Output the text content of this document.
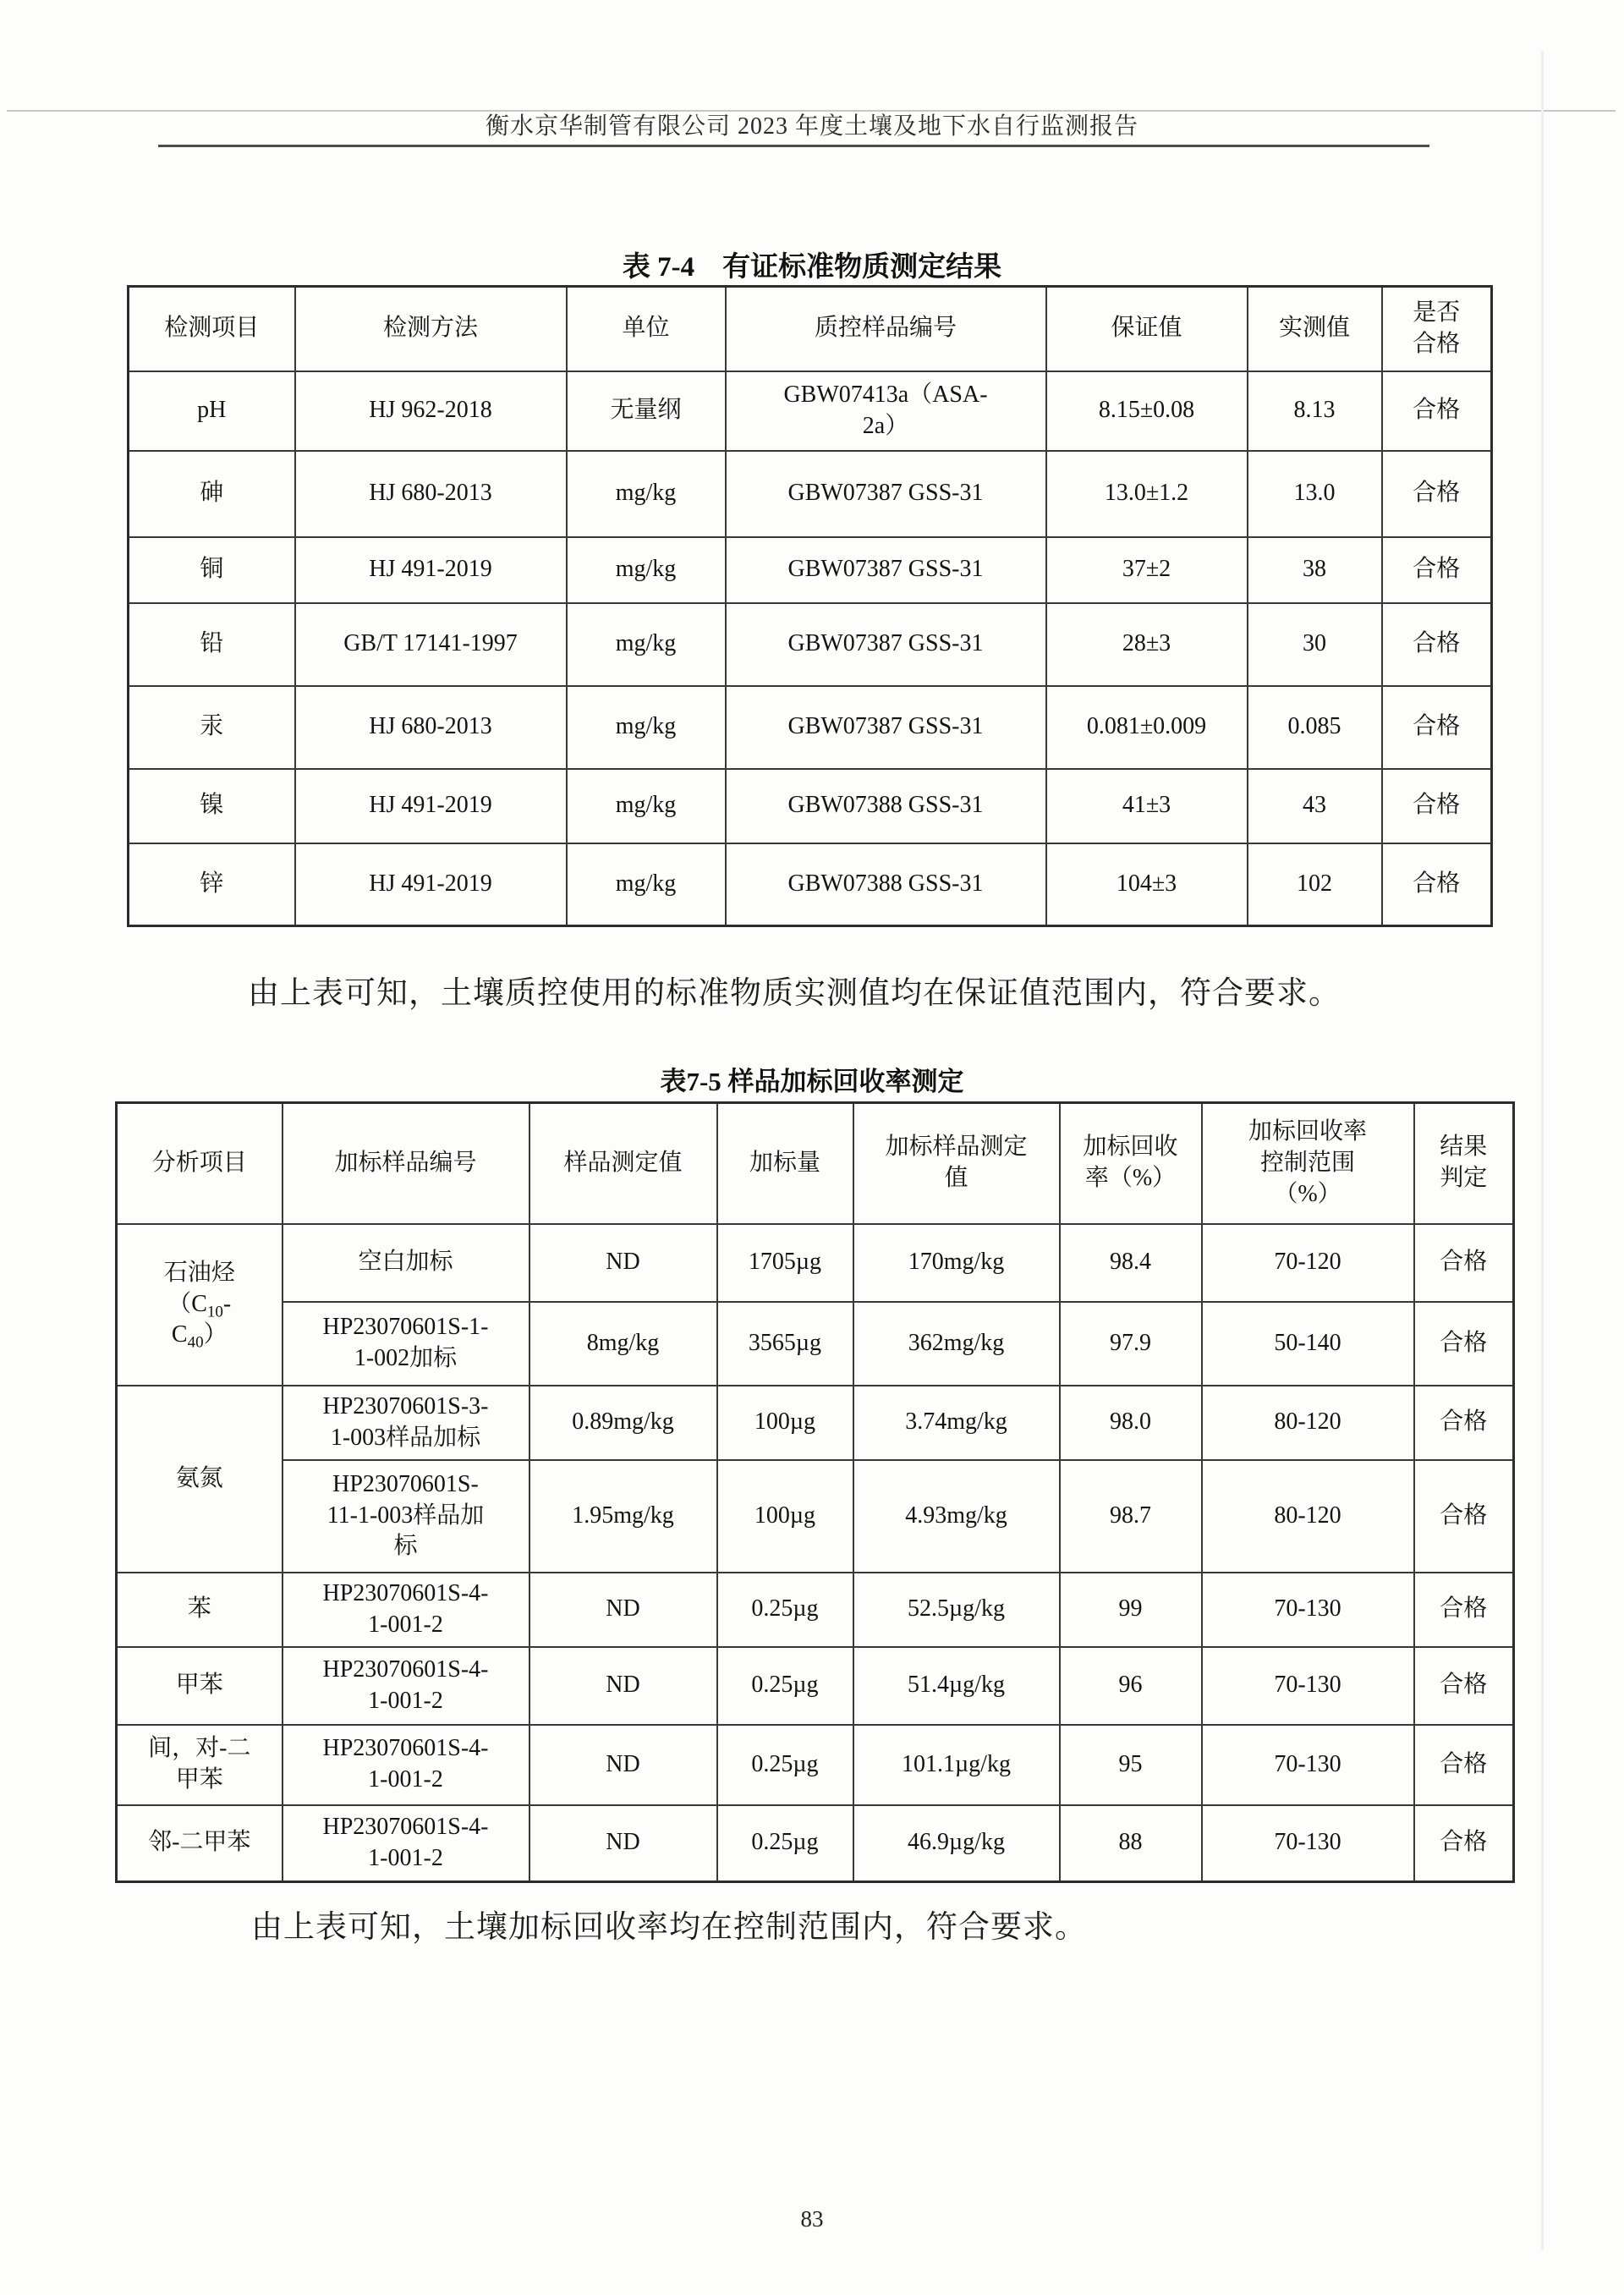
衡水京华制管有限公司 2023 年度土壤及地下水自行监测报告
表 7-4　有证标准物质测定结果
检测项目	检测方法	单位	质控样品编号	保证值	实测值	是否
合格
pH	HJ 962-2018	无量纲	GBW07413a（ASA-
2a）	8.15±0.08	8.13	合格
砷	HJ 680-2013	mg/kg	GBW07387 GSS-31	13.0±1.2	13.0	合格
铜	HJ 491-2019	mg/kg	GBW07387 GSS-31	37±2	38	合格
铅	GB/T 17141-1997	mg/kg	GBW07387 GSS-31	28±3	30	合格
汞	HJ 680-2013	mg/kg	GBW07387 GSS-31	0.081±0.009	0.085	合格
镍	HJ 491-2019	mg/kg	GBW07388 GSS-31	41±3	43	合格
锌	HJ 491-2019	mg/kg	GBW07388 GSS-31	104±3	102	合格
由上表可知，土壤质控使用的标准物质实测值均在保证值范围内，符合要求。
表7-5 样品加标回收率测定
分析项目	加标样品编号	样品测定值	加标量	加标样品测定
值	加标回收
率（%）	加标回收率
控制范围
（%）	结果
判定
石油烃
（$C_{10}-$
$C_{40}$）	空白加标	ND	1705µg	170mg/kg	98.4	70-120	合格
	HP23070601S-1-
1-002加标	8mg/kg	3565µg	362mg/kg	97.9	50-140	合格
氨氮	HP23070601S-3-
1-003样品加标	0.89mg/kg	100µg	3.74mg/kg	98.0	80-120	合格
	HP23070601S-
11-1-003样品加
标	1.95mg/kg	100µg	4.93mg/kg	98.7	80-120	合格
苯	HP23070601S-4-
1-001-2	ND	0.25µg	52.5µg/kg	99	70-130	合格
甲苯	HP23070601S-4-
1-001-2	ND	0.25µg	51.4µg/kg	96	70-130	合格
间，对-二
甲苯	HP23070601S-4-
1-001-2	ND	0.25µg	101.1µg/kg	95	70-130	合格
邻-二甲苯	HP23070601S-4-
1-001-2	ND	0.25µg	46.9µg/kg	88	70-130	合格
由上表可知，土壤加标回收率均在控制范围内，符合要求。
83
